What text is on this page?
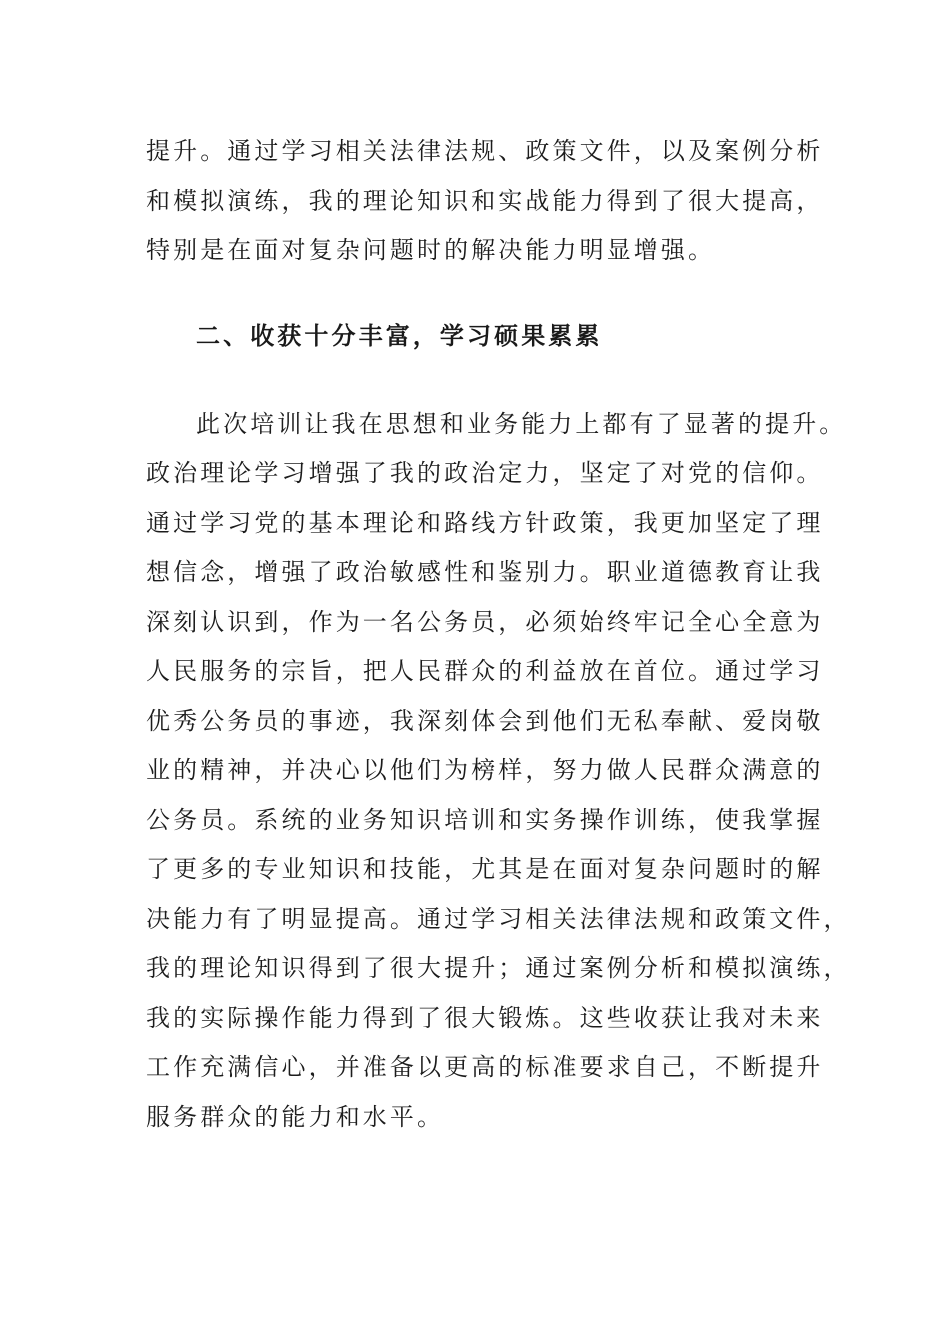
提升。通过学习相关法律法规、政策文件，以及案例分析
和模拟演练，我的理论知识和实战能力得到了很大提高，
特别是在面对复杂问题时的解决能力明显增强。
二、收获十分丰富，学习硕果累累
此次培训让我在思想和业务能力上都有了显著的提升。
政治理论学习增强了我的政治定力，坚定了对党的信仰。
通过学习党的基本理论和路线方针政策，我更加坚定了理
想信念，增强了政治敏感性和鉴别力。职业道德教育让我
深刻认识到，作为一名公务员，必须始终牢记全心全意为
人民服务的宗旨，把人民群众的利益放在首位。通过学习
优秀公务员的事迹，我深刻体会到他们无私奉献、爱岗敬
业的精神，并决心以他们为榜样，努力做人民群众满意的
公务员。系统的业务知识培训和实务操作训练，使我掌握
了更多的专业知识和技能，尤其是在面对复杂问题时的解
决能力有了明显提高。通过学习相关法律法规和政策文件，
我的理论知识得到了很大提升；通过案例分析和模拟演练，
我的实际操作能力得到了很大锻炼。这些收获让我对未来
工作充满信心，并准备以更高的标准要求自己，不断提升
服务群众的能力和水平。
